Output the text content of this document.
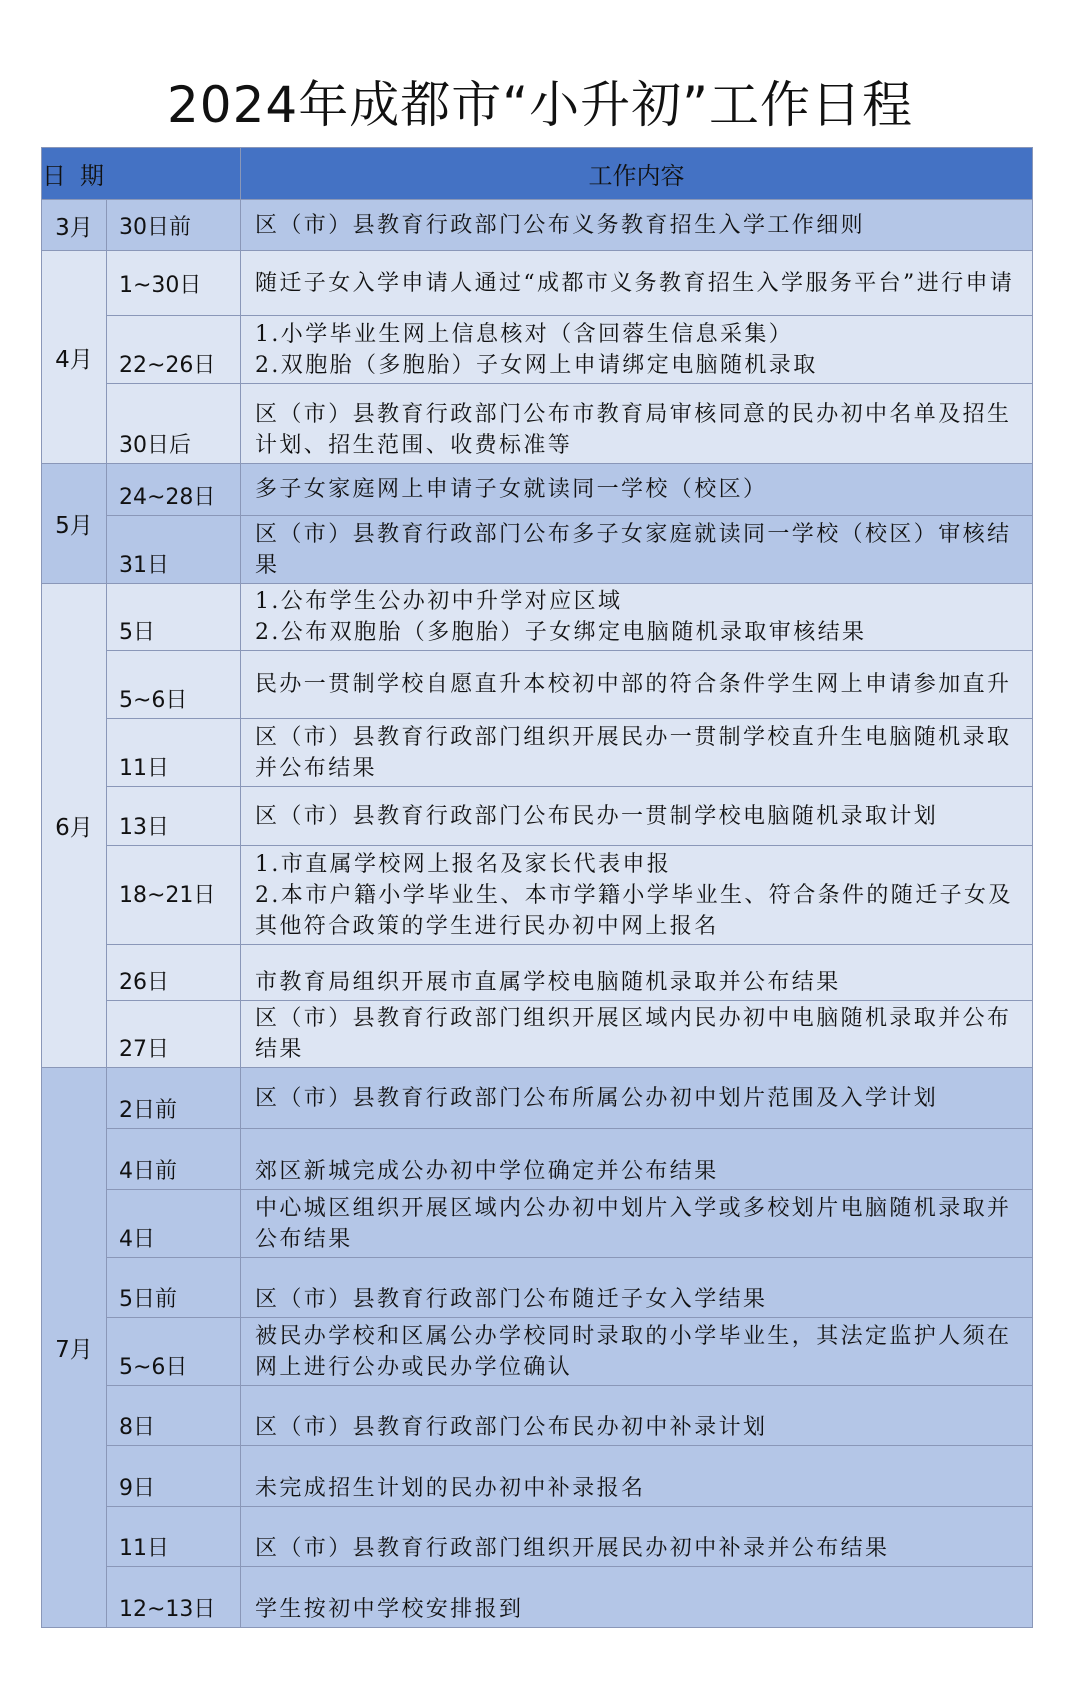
2024年成都市“小升初”工作日程
日期		工作内容
3月	30日前	区（市）县教育行政部门公布义务教育招生入学工作细则
4月	1~30日	随迁子女入学申请人通过“成都市义务教育招生入学服务平台”进行申请
	22~26日	1.小学毕业生网上信息核对（含回蓉生信息采集）
2.双胞胎（多胞胎）子女网上申请绑定电脑随机录取
	30日后	区（市）县教育行政部门公布市教育局审核同意的民办初中名单及招生计划、招生范围、收费标准等
5月	24~28日	多子女家庭网上申请子女就读同一学校（校区）
	31日	区（市）县教育行政部门公布多子女家庭就读同一学校（校区）审核结果
6月	5日	1.公布学生公办初中升学对应区域
2.公布双胞胎（多胞胎）子女绑定电脑随机录取审核结果
	5~6日	民办一贯制学校自愿直升本校初中部的符合条件学生网上申请参加直升
	11日	区（市）县教育行政部门组织开展民办一贯制学校直升生电脑随机录取并公布结果
	13日	区（市）县教育行政部门公布民办一贯制学校电脑随机录取计划
	18~21日	1.市直属学校网上报名及家长代表申报
2.本市户籍小学毕业生、本市学籍小学毕业生、符合条件的随迁子女及其他符合政策的学生进行民办初中网上报名
	26日	市教育局组织开展市直属学校电脑随机录取并公布结果
	27日	区（市）县教育行政部门组织开展区域内民办初中电脑随机录取并公布结果
7月	2日前	区（市）县教育行政部门公布所属公办初中划片范围及入学计划
	4日前	郊区新城完成公办初中学位确定并公布结果
	4日	中心城区组织开展区域内公办初中划片入学或多校划片电脑随机录取并公布结果
	5日前	区（市）县教育行政部门公布随迁子女入学结果
	5~6日	被民办学校和区属公办学校同时录取的小学毕业生，其法定监护人须在网上进行公办或民办学位确认
	8日	区（市）县教育行政部门公布民办初中补录计划
	9日	未完成招生计划的民办初中补录报名
	11日	区（市）县教育行政部门组织开展民办初中补录并公布结果
	12~13日	学生按初中学校安排报到
